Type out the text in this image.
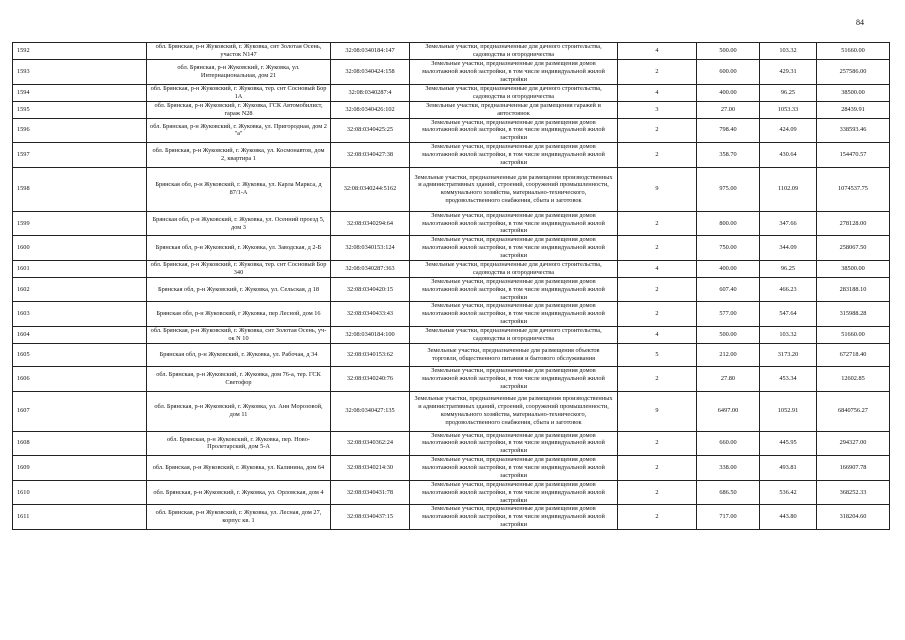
84
1592	обл. Брянская, р-н Жуковский, г. Жуковка, снт Золотая Осень, участок N147	32:08:0340184:147	Земельные участки, предназначенные для дачного строительства, садоводства и огородничества	4	500.00	103.32	51660.00
1593	обл. Брянская, р-н Жуковский, г. Жуковка, ул. Интернациональная, дом 21	32:08:0340424:158	Земельные участки, предназначенные для размещения домов малоэтажной жилой застройки, в том числе индивидуальной жилой застройки	2	600.00	429.31	257586.00
1594	обл. Брянская, р-н Жуковский, г. Жуковка, тер. снт Сосновый Бор 1А	32:08:0340287:4	Земельные участки, предназначенные для дачного строительства, садоводства и огородничества	4	400.00	96.25	38500.00
1595	обл. Брянская, р-н Жуковский, г. Жуковка, ГСК Автомобилист, гараж N28	32:08:0340426:102	Земельные участки, предназначенные для размещения гаражей и автостоянок	3	27.00	1053.33	28439.91
1596	обл. Брянская, р-н Жуковский, г. Жуковка, ул. Пригородная, дом 2 "а"	32:08:0340425:25	Земельные участки, предназначенные для размещения домов малоэтажной жилой застройки, в том числе индивидуальной жилой застройки	2	798.40	424.09	338593.46
1597	обл. Брянская, р-н Жуковский, г. Жуковка, ул. Космонавтов, дом 2, квартира 1	32:08:0340427:38	Земельные участки, предназначенные для размещения домов малоэтажной жилой застройки, в том числе индивидуальной жилой застройки	2	358.70	430.64	154470.57
1598	Брянская обл, р-н Жуковский, г. Жуковка, ул. Карла Маркса, д 87/1-А	32:08:0340244:5162	Земельные участки, предназначенные для размещения производственных и административных зданий, строений, сооружений промышленности, коммунального хозяйства, материально-технического, продовольственного снабжения, сбыта и заготовок	9	975.00	1102.09	1074537.75
1599	Брянская обл, р-н Жуковский, г. Жуковка, ул. Осенний проезд 5, дом 3	32:08:0340294:64	Земельные участки, предназначенные для размещения домов малоэтажной жилой застройки, в том числе индивидуальной жилой застройки	2	800.00	347.66	278128.00
1600	Брянская обл, р-н Жуковский, г. Жуковка, ул. Заводская, д 2-Б	32:08:0340153:124	Земельные участки, предназначенные для размещения домов малоэтажной жилой застройки, в том числе индивидуальной жилой застройки	2	750.00	344.09	258067.50
1601	обл. Брянская, р-н Жуковский, г. Жуковка, тер. снт Сосновый Бор 340	32:08:0340287:363	Земельные участки, предназначенные для дачного строительства, садоводства и огородничества	4	400.00	96.25	38500.00
1602	Брянская обл, р-н Жуковский, г. Жуковка, ул. Сельская, д 18	32:08:0340420:15	Земельные участки, предназначенные для размещения домов малоэтажной жилой застройки, в том числе индивидуальной жилой застройки	2	607.40	466.23	283188.10
1603	Брянская обл, р-н Жуковский, г Жуковка, пер Лесной, дом 16	32:08:0340433:43	Земельные участки, предназначенные для размещения домов малоэтажной жилой застройки, в том числе индивидуальной жилой застройки	2	577.00	547.64	315988.28
1604	обл. Брянская, р-н Жуковский, г. Жуковка, снт Золотая Осень, уч-ок N 10	32:08:0340184:100	Земельные участки, предназначенные для дачного строительства, садоводства и огородничества	4	500.00	103.32	51660.00
1605	Брянская обл, р-н Жуковский, г. Жуковка, ул. Рабочая, д 34	32:08:0340153:62	Земельные участки, предназначенные для размещения объектов торговли, общественного питания и бытового обслуживания	5	212.00	3173.20	672718.40
1606	обл. Брянская, р-н Жуковский, г. Жуковка, дом 76-а, тер. ГСК Светофор	32:08:0340240:76	Земельные участки, предназначенные для размещения домов малоэтажной жилой застройки, в том числе индивидуальной жилой застройки	2	27.80	453.34	12602.85
1607	обл. Брянская, р-н Жуковский, г. Жуковка, ул. Анн Морозовой, дом 11	32:08:0340427:135	Земельные участки, предназначенные для размещения производственных и административных зданий, строений, сооружений промышленности, коммунального хозяйства, материально-технического, продовольственного снабжения, сбыта и заготовок	9	6497.00	1052.91	6840756.27
1608	обл. Брянская, р-н Жуковский, г. Жуковка, пер. Ново-Пролетарский, дом 5-А	32:08:0340362:24	Земельные участки, предназначенные для размещения домов малоэтажной жилой застройки, в том числе индивидуальной жилой застройки	2	660.00	445.95	294327.00
1609	обл. Брянская, р-н Жуковский, г. Жуковка, ул. Калинина, дом 64	32:08:0340214:30	Земельные участки, предназначенные для размещения домов малоэтажной жилой застройки, в том числе индивидуальной жилой застройки	2	338.00	493.81	166907.78
1610	обл. Брянская, р-н Жуковский, г. Жуковка, ул. Орловская, дом 4	32:08:0340431:78	Земельные участки, предназначенные для размещения домов малоэтажной жилой застройки, в том числе индивидуальной жилой застройки	2	686.50	536.42	368252.33
1611	обл. Брянская, р-н Жуковский, г. Жуковка, ул. Лесная, дом 27, корпус кв. 1	32:08:0340437:15	Земельные участки, предназначенные для размещения домов малоэтажной жилой застройки, в том числе индивидуальной жилой застройки	2	717.00	443.80	318204.60
